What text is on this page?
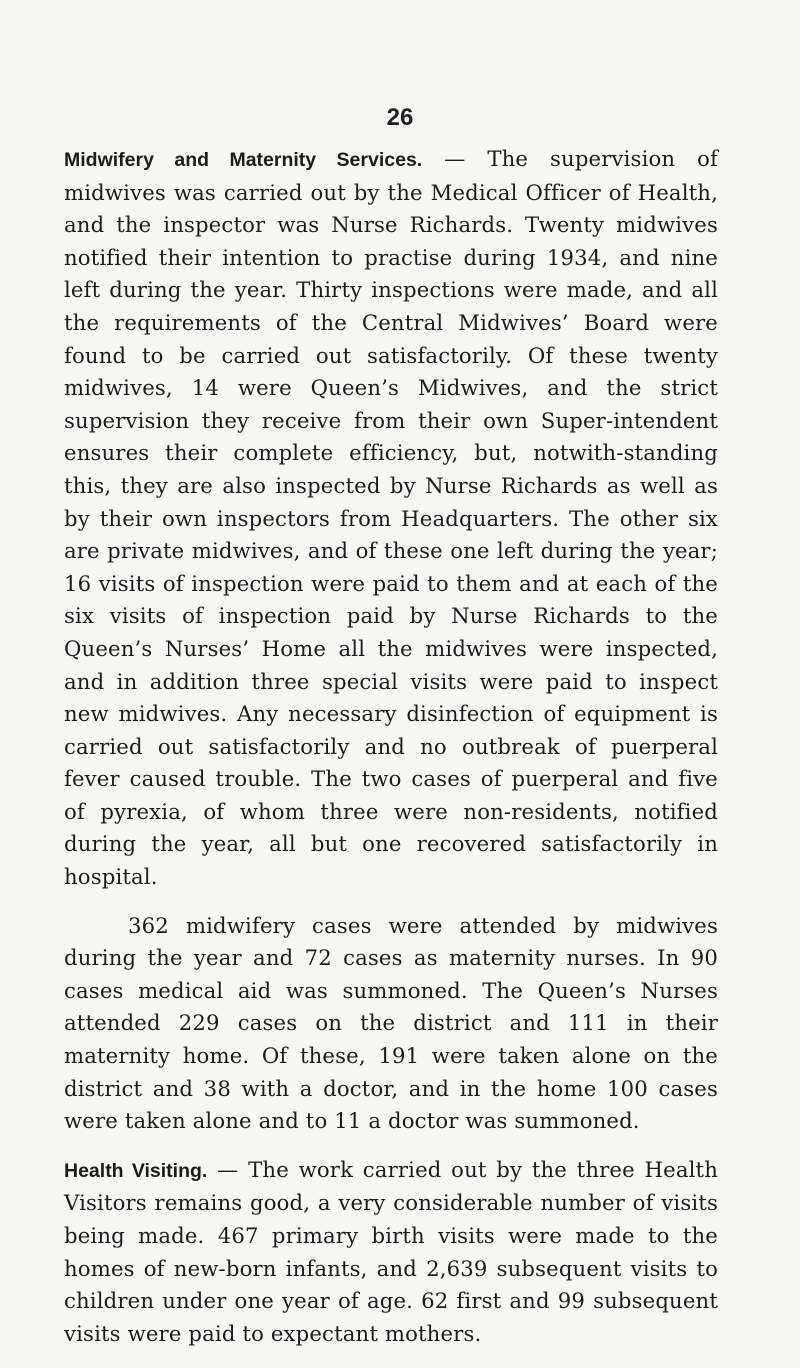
26

Midwifery and Maternity Services. — The supervision of midwives was carried out by the Medical Officer of Health, and the inspector was Nurse Richards. Twenty midwives notified their intention to practise during 1934, and nine left during the year. Thirty inspections were made, and all the requirements of the Central Midwives’ Board were found to be carried out satisfactorily. Of these twenty midwives, 14 were Queen’s Midwives, and the strict supervision they receive from their own Super-intendent ensures their complete efficiency, but, notwith-standing this, they are also inspected by Nurse Richards as well as by their own inspectors from Headquarters. The other six are private midwives, and of these one left during the year; 16 visits of inspection were paid to them and at each of the six visits of inspection paid by Nurse Richards to the Queen’s Nurses’ Home all the midwives were inspected, and in addition three special visits were paid to inspect new midwives. Any necessary disinfection of equipment is carried out satisfactorily and no outbreak of puerperal fever caused trouble. The two cases of puerperal and five of pyrexia, of whom three were non-residents, notified during the year, all but one recovered satisfactorily in hospital.

362 midwifery cases were attended by midwives during the year and 72 cases as maternity nurses. In 90 cases medical aid was summoned. The Queen’s Nurses attended 229 cases on the district and 111 in their maternity home. Of these, 191 were taken alone on the district and 38 with a doctor, and in the home 100 cases were taken alone and to 11 a doctor was summoned.

Health Visiting. — The work carried out by the three Health Visitors remains good, a very considerable number of visits being made. 467 primary birth visits were made to the homes of new-born infants, and 2,639 subsequent visits to children under one year of age. 62 first and 99 subsequent visits were paid to expectant mothers.
